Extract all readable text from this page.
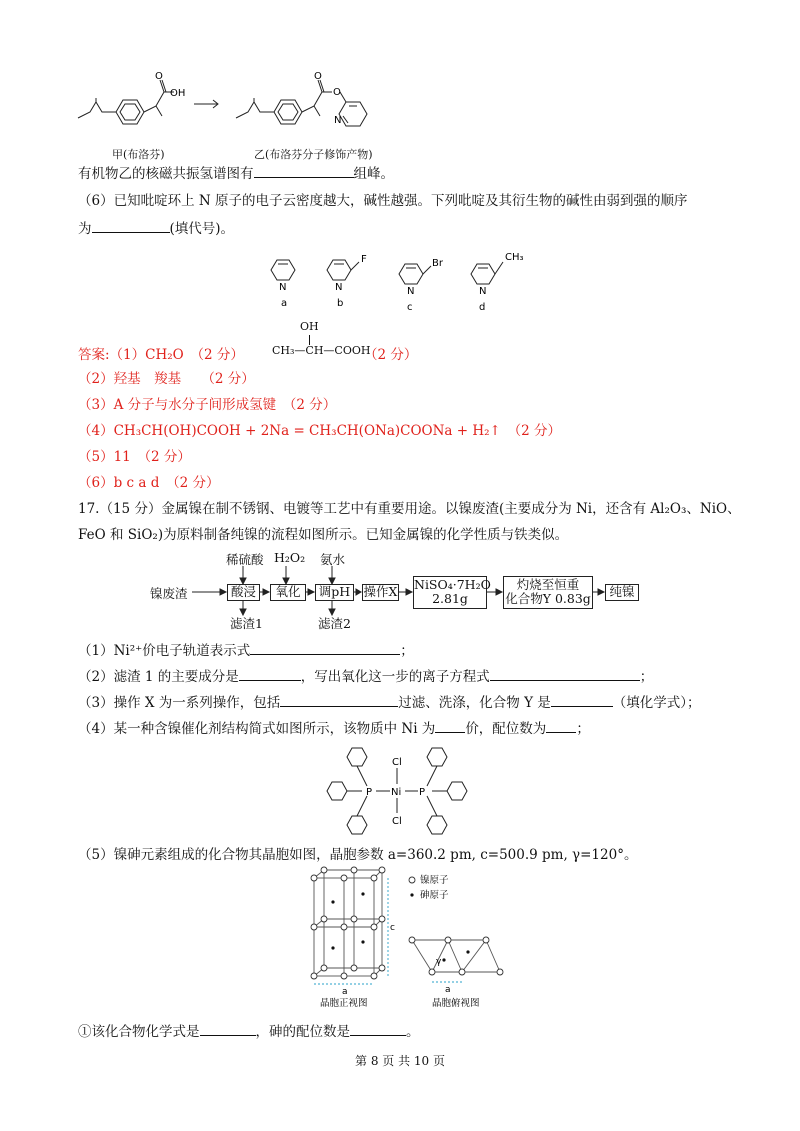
OH
O	O
O
N
甲(布洛芬)	乙(布洛芬分子修饰产物)
有机物乙的核磁共振氢谱图有	组峰。
（6）已知吡啶环上 N 原子的电子云密度越大，碱性越强。下列吡啶及其衍生物的碱性由弱到强的顺序
为	(填代号)。
N	N	N	N
F	Br
CH₃
a	b	c	d
答案:（1）CH₂O　（2 分）
OH
CH₃—CH—COOH
（2 分）
（2）羟基　羧基　　（2 分）
（3）A 分子与水分子间形成氢键　（2 分）
（4）CH₃CH(OH)COOH + 2Na = CH₃CH(ONa)COONa + H₂↑　（2 分）
（5）11　（2 分）
（6）b c a d　（2 分）
17.（15 分）金属镍在制不锈钢、电镀等工艺中有重要用途。以镍废渣(主要成分为 Ni，还含有 Al₂O₃、NiO、
FeO 和 SiO₂)为原料制备纯镍的流程如图所示。已知金属镍的化学性质与铁类似。
镍废渣
稀硫酸 H₂O₂ 氨水
酸浸	氧化	调pH	操作X NiSO₄·7H₂O
2.81g
灼烧至恒重
化合物Y 0.83g	纯镍
滤渣1	滤渣2
（1）Ni²⁺价电子轨道表示式	；
（2）滤渣 1 的主要成分是	，写出氧化这一步的离子方程式	；
（3）操作 X 为一系列操作，包括	过滤、洗涤，化合物 Y 是	（填化学式）；
（4）某一种含镍催化剂结构简式如图所示，该物质中 Ni 为 价，配位数为 ；
P	P
Ni
Cl
Cl
（5）镍砷元素组成的化合物其晶胞如图，晶胞参数 a=360.2 pm, c=500.9 pm, γ=120°。
c
a	a
γ
镍原子
砷原子
晶胞正视图	晶胞俯视图
①该化合物化学式是	，砷的配位数是	。
第 8 页 共 10 页
